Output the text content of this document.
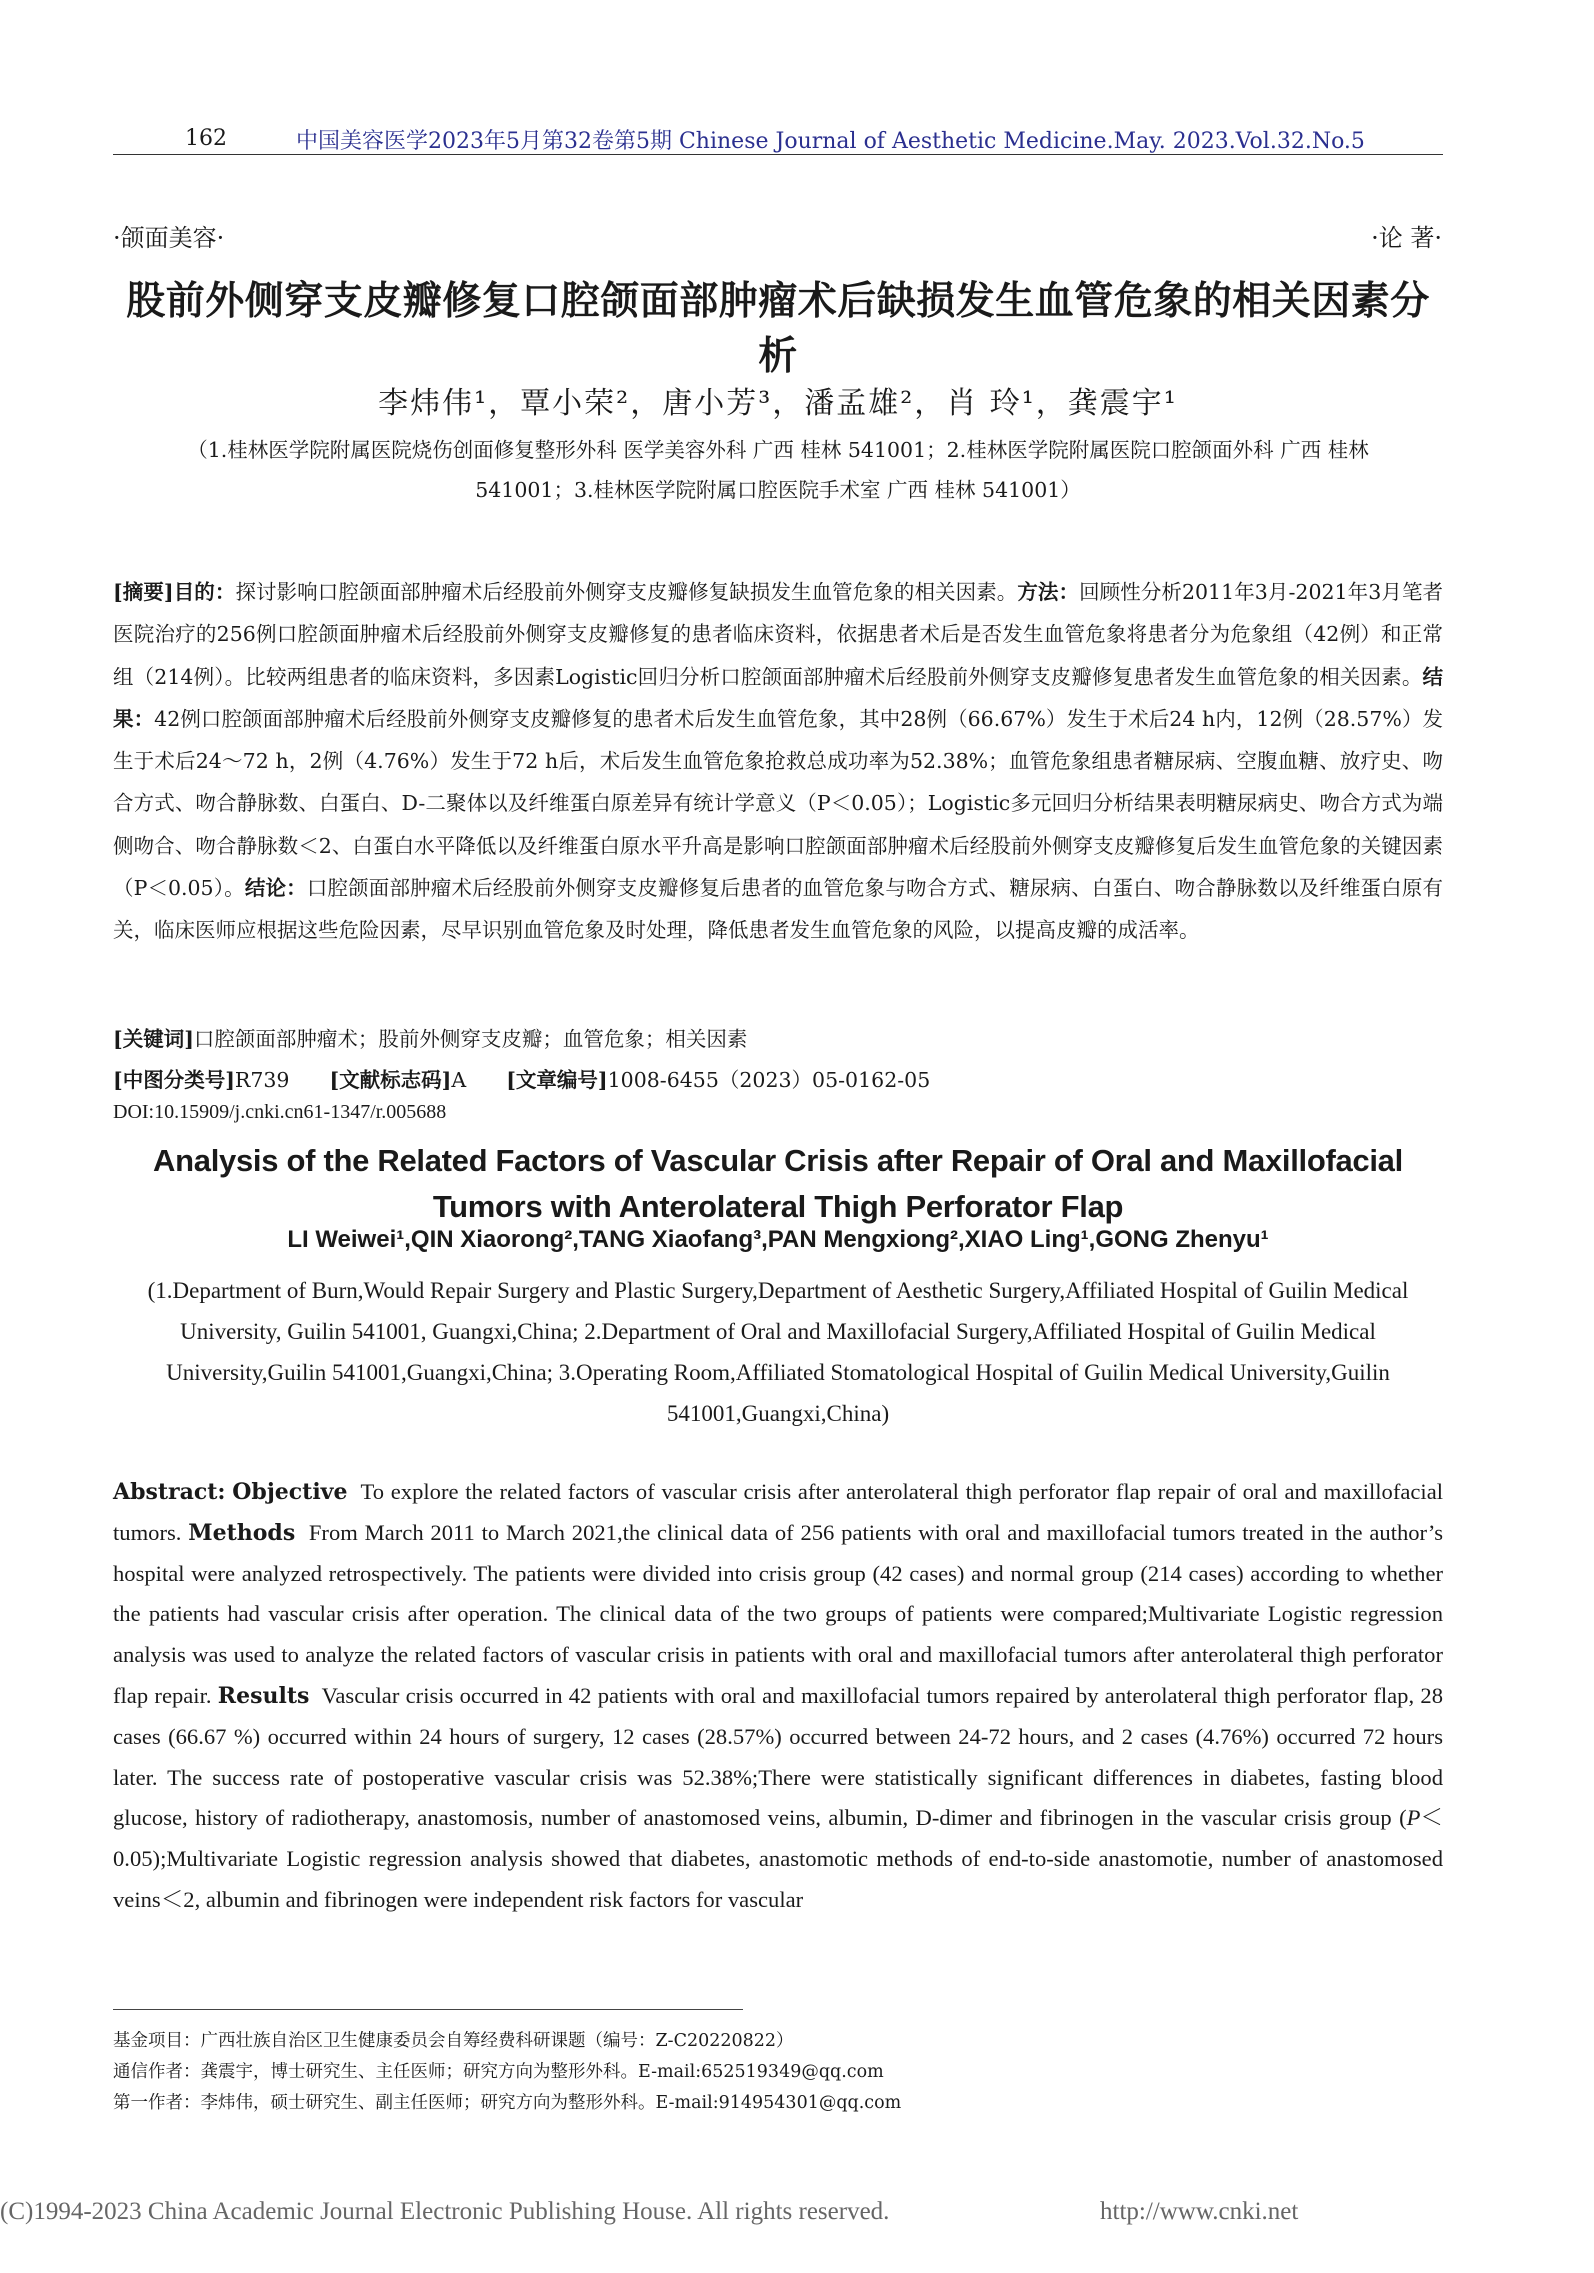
162	中国美容医学2023年5月第32卷第5期 Chinese Journal of Aesthetic Medicine.May. 2023.Vol.32.No.5
·颌面美容·	·论 著·
股前外侧穿支皮瓣修复口腔颌面部肿瘤术后缺损发生血管危象的相关因素分析
李炜伟¹，覃小荣²，唐小芳³，潘孟雄²，肖 玲¹，龚震宇¹
（1.桂林医学院附属医院烧伤创面修复整形外科 医学美容外科 广西 桂林 541001；2.桂林医学院附属医院口腔颌面外科 广西 桂林 541001；3.桂林医学院附属口腔医院手术室 广西 桂林 541001）
[摘要]目的：探讨影响口腔颌面部肿瘤术后经股前外侧穿支皮瓣修复缺损发生血管危象的相关因素。方法：回顾性分析2011年3月-2021年3月笔者医院治疗的256例口腔颌面肿瘤术后经股前外侧穿支皮瓣修复的患者临床资料，依据患者术后是否发生血管危象将患者分为危象组（42例）和正常组（214例）。比较两组患者的临床资料，多因素Logistic回归分析口腔颌面部肿瘤术后经股前外侧穿支皮瓣修复患者发生血管危象的相关因素。结果：42例口腔颌面部肿瘤术后经股前外侧穿支皮瓣修复的患者术后发生血管危象，其中28例（66.67%）发生于术后24 h内，12例（28.57%）发生于术后24～72 h，2例（4.76%）发生于72 h后，术后发生血管危象抢救总成功率为52.38%；血管危象组患者糖尿病、空腹血糖、放疗史、吻合方式、吻合静脉数、白蛋白、D-二聚体以及纤维蛋白原差异有统计学意义（P＜0.05）；Logistic多元回归分析结果表明糖尿病史、吻合方式为端侧吻合、吻合静脉数＜2、白蛋白水平降低以及纤维蛋白原水平升高是影响口腔颌面部肿瘤术后经股前外侧穿支皮瓣修复后发生血管危象的关键因素（P＜0.05）。结论：口腔颌面部肿瘤术后经股前外侧穿支皮瓣修复后患者的血管危象与吻合方式、糖尿病、白蛋白、吻合静脉数以及纤维蛋白原有关，临床医师应根据这些危险因素，尽早识别血管危象及时处理，降低患者发生血管危象的风险，以提高皮瓣的成活率。
[关键词]口腔颌面部肿瘤术；股前外侧穿支皮瓣；血管危象；相关因素
[中图分类号]R739 [文献标志码]A [文章编号]1008-6455（2023）05-0162-05
DOI:10.15909/j.cnki.cn61-1347/r.005688
Analysis of the Related Factors of Vascular Crisis after Repair of Oral and Maxillofacial Tumors with Anterolateral Thigh Perforator Flap
LI Weiwei¹,QIN Xiaorong²,TANG Xiaofang³,PAN Mengxiong²,XIAO Ling¹,GONG Zhenyu¹
(1.Department of Burn,Would Repair Surgery and Plastic Surgery,Department of Aesthetic Surgery,Affiliated Hospital of Guilin Medical University, Guilin 541001, Guangxi,China; 2.Department of Oral and Maxillofacial Surgery,Affiliated Hospital of Guilin Medical University,Guilin 541001,Guangxi,China; 3.Operating Room,Affiliated Stomatological Hospital of Guilin Medical University,Guilin 541001,Guangxi,China)
Abstract: Objective To explore the related factors of vascular crisis after anterolateral thigh perforator flap repair of oral and maxillofacial tumors. Methods From March 2011 to March 2021,the clinical data of 256 patients with oral and maxillofacial tumors treated in the author’s hospital were analyzed retrospectively. The patients were divided into crisis group (42 cases) and normal group (214 cases) according to whether the patients had vascular crisis after operation. The clinical data of the two groups of patients were compared;Multivariate Logistic regression analysis was used to analyze the related factors of vascular crisis in patients with oral and maxillofacial tumors after anterolateral thigh perforator flap repair. Results Vascular crisis occurred in 42 patients with oral and maxillofacial tumors repaired by anterolateral thigh perforator flap, 28 cases (66.67 %) occurred within 24 hours of surgery, 12 cases (28.57%) occurred between 24-72 hours, and 2 cases (4.76%) occurred 72 hours later. The success rate of postoperative vascular crisis was 52.38%;There were statistically significant differences in diabetes, fasting blood glucose, history of radiotherapy, anastomosis, number of anastomosed veins, albumin, D-dimer and fibrinogen in the vascular crisis group (P＜0.05);Multivariate Logistic regression analysis showed that diabetes, anastomotic methods of end-to-side anastomotie, number of anastomosed veins＜2, albumin and fibrinogen were independent risk factors for vascular
基金项目：广西壮族自治区卫生健康委员会自筹经费科研课题（编号：Z-C20220822）
通信作者：龚震宇，博士研究生、主任医师；研究方向为整形外科。E-mail:652519349@qq.com
第一作者：李炜伟，硕士研究生、副主任医师；研究方向为整形外科。E-mail:914954301@qq.com
(C)1994-2023 China Academic Journal Electronic Publishing House. All rights reserved.	http://www.cnki.net
